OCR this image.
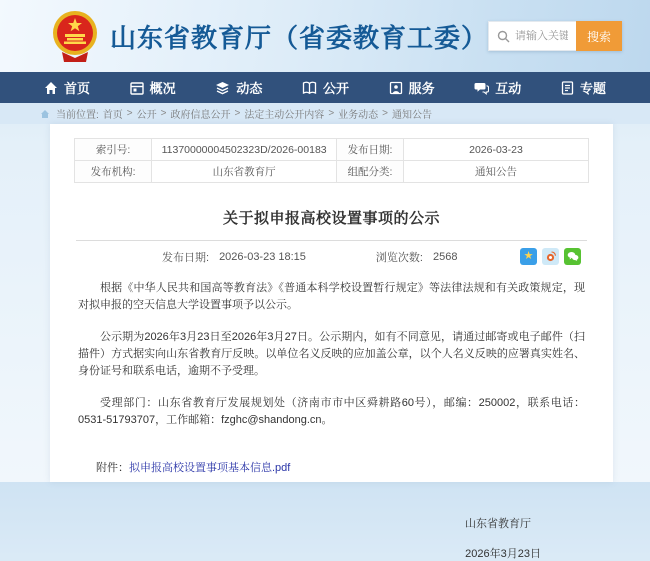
山东省教育厅（省委教育工委）
请输入关键词	搜索
首页	概况	动态	公开	服务	互动	专题
当前位置: 首页 > 公开 > 政府信息公开 > 法定主动公开内容 > 业务动态 > 通知公告
索引号:	11370000004502323D/2026-00183	发布日期:	2026-03-23
发布机构:	山东省教育厅	组配分类:	通知公告
关于拟申报高校设置事项的公示
发布日期: 2026-03-23 18:15	浏览次数: 2568	★

根据《中华人民共和国高等教育法》《普通本科学校设置暂行规定》等法律法规和有关政策规定，现对拟申报的空天信息大学设置事项予以公示。

公示期为2026年3月23日至2026年3月27日。公示期内，如有不同意见，请通过邮寄或电子邮件（扫描件）方式据实向山东省教育厅反映。以单位名义反映的应加盖公章，以个人名义反映的应署真实姓名、身份证号和联系电话，逾期不予受理。

受理部门：山东省教育厅发展规划处（济南市市中区舜耕路60号），邮编：250002，联系电话：0531-51793707，工作邮箱：fzghc@shandong.cn。

附件：拟申报高校设置事项基本信息.pdf
山东省教育厅
2026年3月23日
